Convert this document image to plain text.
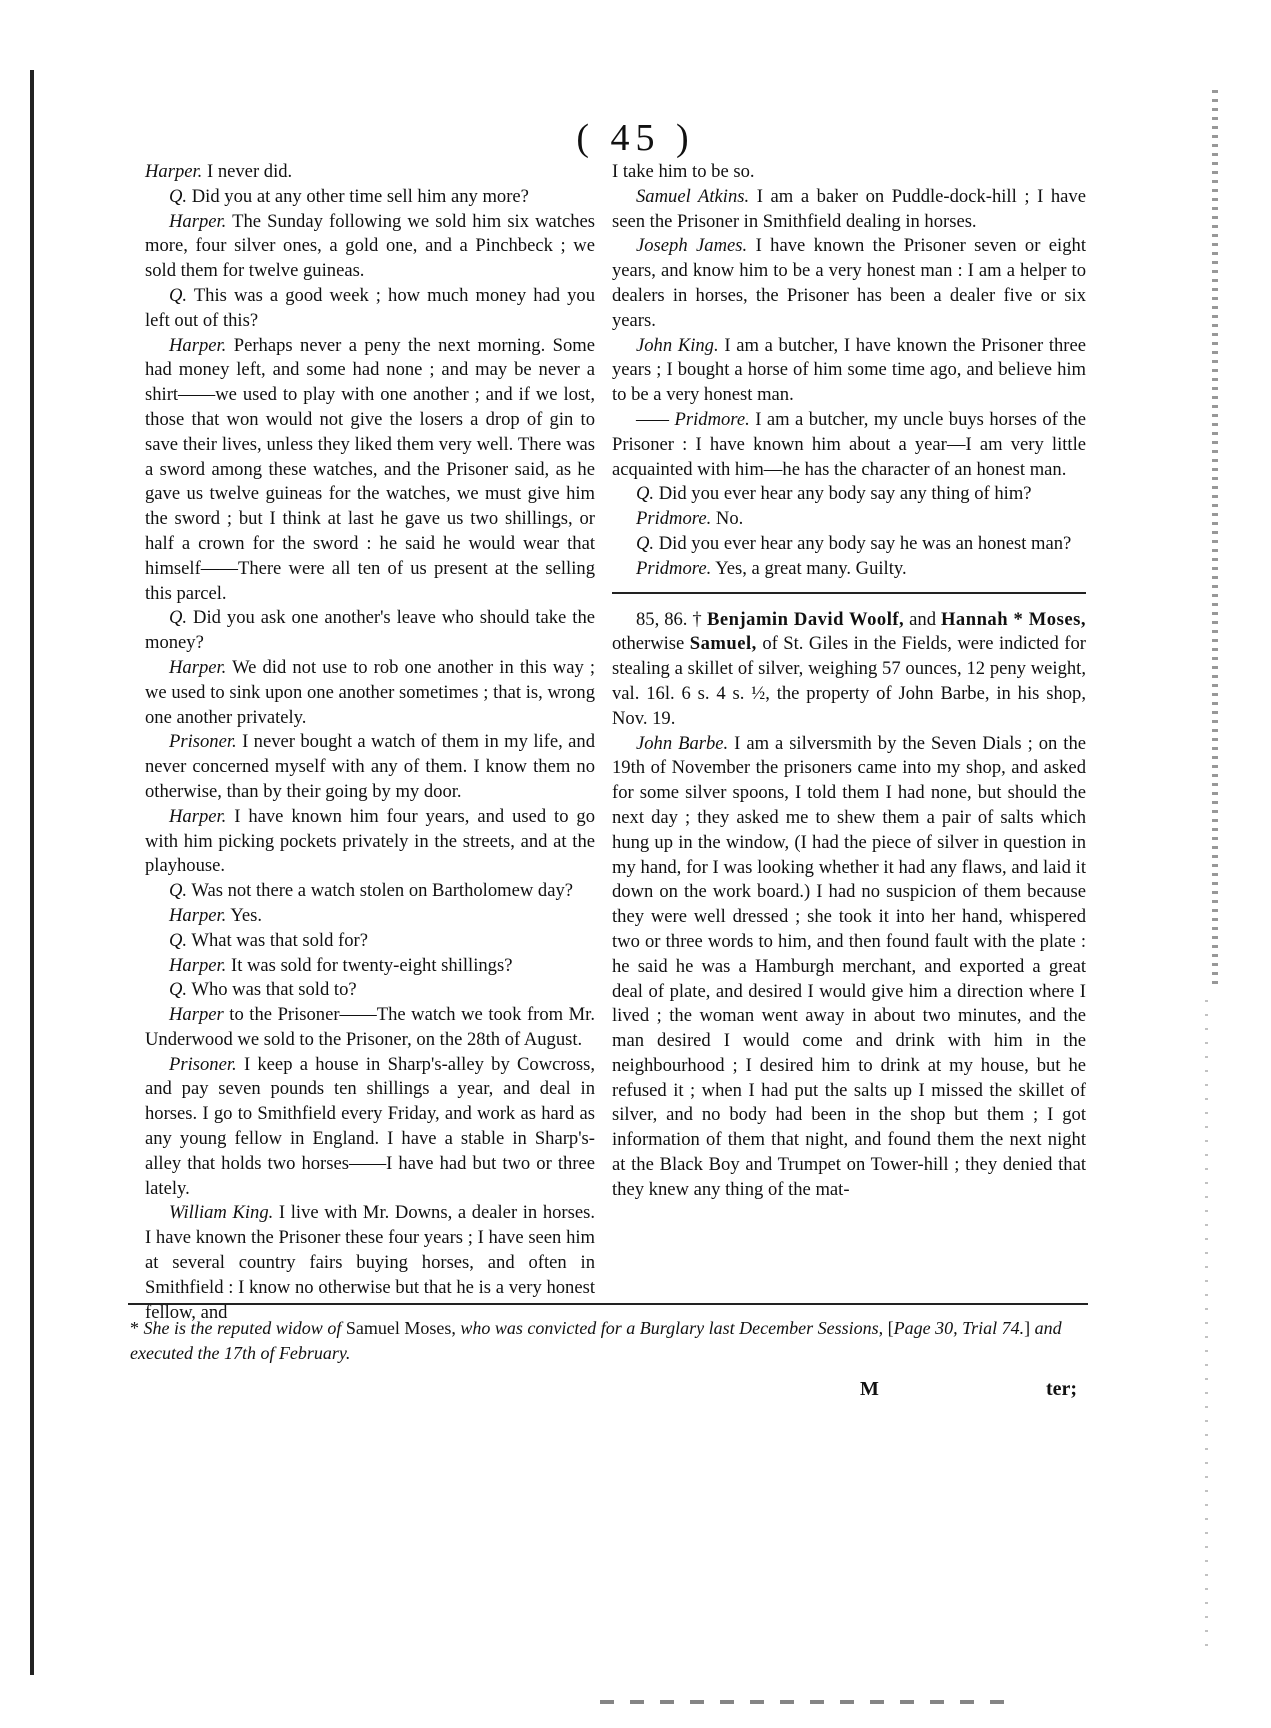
( 45 )

Harper. I never did.

Q. Did you at any other time sell him any more?

Harper. The Sunday following we sold him six watches more, four silver ones, a gold one, and a Pinchbeck ; we sold them for twelve guineas.

Q. This was a good week ; how much money had you left out of this?

Harper. Perhaps never a peny the next morning. Some had money left, and some had none ; and may be never a shirt——we used to play with one another ; and if we lost, those that won would not give the losers a drop of gin to save their lives, unless they liked them very well. There was a sword among these watches, and the Prisoner said, as he gave us twelve guineas for the watches, we must give him the sword ; but I think at last he gave us two shillings, or half a crown for the sword : he said he would wear that himself——There were all ten of us present at the selling this parcel.

Q. Did you ask one another's leave who should take the money?

Harper. We did not use to rob one another in this way ; we used to sink upon one another sometimes ; that is, wrong one another privately.

Prisoner. I never bought a watch of them in my life, and never concerned myself with any of them. I know them no otherwise, than by their going by my door.

Harper. I have known him four years, and used to go with him picking pockets privately in the streets, and at the playhouse.

Q. Was not there a watch stolen on Bartholomew day?

Harper. Yes.

Q. What was that sold for?

Harper. It was sold for twenty-eight shillings?

Q. Who was that sold to?

Harper to the Prisoner——The watch we took from Mr. Underwood we sold to the Prisoner, on the 28th of August.

Prisoner. I keep a house in Sharp's-alley by Cowcross, and pay seven pounds ten shillings a year, and deal in horses. I go to Smithfield every Friday, and work as hard as any young fellow in England. I have a stable in Sharp's-alley that holds two horses——I have had but two or three lately.

William King. I live with Mr. Downs, a dealer in horses. I have known the Prisoner these four years ; I have seen him at several country fairs buying horses, and often in Smithfield : I know no otherwise but that he is a very honest fellow, and

I take him to be so.

Samuel Atkins. I am a baker on Puddle-dock-hill ; I have seen the Prisoner in Smithfield dealing in horses.

Joseph James. I have known the Prisoner seven or eight years, and know him to be a very honest man : I am a helper to dealers in horses, the Prisoner has been a dealer five or six years.

John King. I am a butcher, I have known the Prisoner three years ; I bought a horse of him some time ago, and believe him to be a very honest man.

—— Pridmore. I am a butcher, my uncle buys horses of the Prisoner : I have known him about a year—I am very little acquainted with him—he has the character of an honest man.

Q. Did you ever hear any body say any thing of him?

Pridmore. No.

Q. Did you ever hear any body say he was an honest man?

Pridmore. Yes, a great many. Guilty.

85, 86. † Benjamin David Woolf, and Hannah * Moses, otherwise Samuel, of St. Giles in the Fields, were indicted for stealing a skillet of silver, weighing 57 ounces, 12 peny weight, val. 16l. 6 s. 4 s. ½, the property of John Barbe, in his shop, Nov. 19.

John Barbe. I am a silversmith by the Seven Dials ; on the 19th of November the prisoners came into my shop, and asked for some silver spoons, I told them I had none, but should the next day ; they asked me to shew them a pair of salts which hung up in the window, (I had the piece of silver in question in my hand, for I was looking whether it had any flaws, and laid it down on the work board.) I had no suspicion of them because they were well dressed ; she took it into her hand, whispered two or three words to him, and then found fault with the plate : he said he was a Hamburgh merchant, and exported a great deal of plate, and desired I would give him a direction where I lived ; the woman went away in about two minutes, and the man desired I would come and drink with him in the neighbourhood ; I desired him to drink at my house, but he refused it ; when I had put the salts up I missed the skillet of silver, and no body had been in the shop but them ; I got information of them that night, and found them the next night at the Black Boy and Trumpet on Tower-hill ; they denied that they knew any thing of the mat-

* She is the reputed widow of Samuel Moses, who was convicted for a Burglary last December Sessions, [Page 30, Trial 74.] and executed the 17th of February.
M	ter;
